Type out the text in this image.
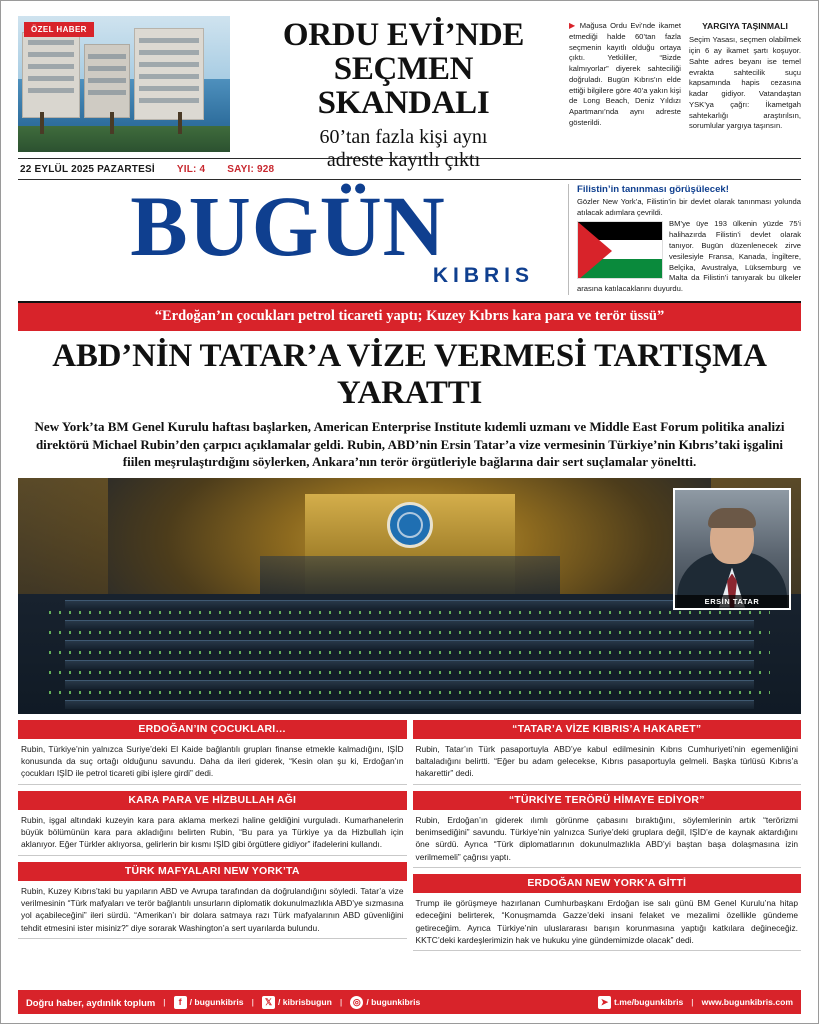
ÖZEL HABER	ORDU EVİ’NDE
SEÇMEN SKANDALI
60’tan fazla kişi aynı
adreste kayıtlı çıktı
▶ Mağusa Ordu Evi’nde ikamet etmediği halde 60’tan fazla seçmenin kayıtlı olduğu ortaya çıktı. Yetkililer, “Bizde kalmıyorlar” diyerek sahteciliği doğruladı. Bugün Kıbrıs’ın elde ettiği bilgilere göre 40’a yakın kişi de Long Beach, Deniz Yıldızı Apartmanı’nda aynı adreste gösterildi.
YARGIYA TAŞINMALI
Seçim Yasası, seçmen olabilmek için 6 ay ikamet şartı koşuyor. Sahte adres beyanı ise temel evrakta sahtecilik suçu kapsamında hapis cezasına kadar gidiyor. Vatandaştan YSK’ya çağrı: İkametgah sahtekarlığı araştırılsın, sorumlular yargıya taşınsın.
22 EYLÜL 2025 PAZARTESİ YIL: 4 SAYI: 928
BUGÜN
KIBRIS
Filistin’in tanınması görüşülecek!
Gözler New York’a, Filistin’in bir devlet olarak tanınması yolunda atılacak adımlara çevrildi.
BM’ye üye 193 ülkenin yüzde 75’i halihazırda Filistin’i devlet olarak tanıyor. Bugün düzenlenecek zirve vesilesiyle Fransa, Kanada, İngiltere, Belçika, Avustralya, Lüksemburg ve Malta da Filistin’i tanıyarak bu ülkeler arasına katılacaklarını duyurdu.
“Erdoğan’ın çocukları petrol ticareti yaptı; Kuzey Kıbrıs kara para ve terör üssü”
ABD’NİN TATAR’A VİZE VERMESİ TARTIŞMA YARATTI
New York’ta BM Genel Kurulu haftası başlarken, American Enterprise Institute kıdemli uzmanı ve Middle East Forum politika analizi direktörü Michael Rubin’den çarpıcı açıklamalar geldi. Rubin, ABD’nin Ersin Tatar’a vize vermesinin Türkiye’nin Kıbrıs’taki işgalini fiilen meşrulaştırdığını söylerken, Ankara’nın terör örgütleriyle bağlarına dair sert suçlamalar yöneltti.
ERSİN TATAR
ERDOĞAN’IN ÇOCUKLARI…
Rubin, Türkiye’nin yalnızca Suriye’deki El Kaide bağlantılı grupları finanse etmekle kalmadığını, IŞİD konusunda da suç ortağı olduğunu savundu. Daha da ileri giderek, “Kesin olan şu ki, Erdoğan’ın çocukları IŞİD ile petrol ticareti gibi işlere girdi” dedi.
KARA PARA VE HİZBULLAH AĞI
Rubin, işgal altındaki kuzeyin kara para aklama merkezi haline geldiğini vurguladı. Kumarhanelerin büyük bölümünün kara para akladığını belirten Rubin, “Bu para ya Türkiye ya da Hizbullah için aklanıyor. Eğer Türkler aklıyorsa, gelirlerin bir kısmı IŞİD gibi örgütlere gidiyor” ifadelerini kullandı.
TÜRK MAFYALARI NEW YORK’TA
Rubin, Kuzey Kıbrıs’taki bu yapıların ABD ve Avrupa tarafından da doğrulandığını söyledi. Tatar’a vize verilmesinin “Türk mafyaları ve terör bağlantılı unsurların diplomatik dokunulmazlıkla ABD’ye sızmasına yol açabileceğini” ileri sürdü. “Amerikan’ı bir dolara satmaya razı Türk mafyalarının ABD güvenliğini tehdit etmesini ister misiniz?” diye sorarak Washington’a sert uyarılarda bulundu.
“TATAR’A VİZE KIBRIS’A HAKARET”
Rubin, Tatar’ın Türk pasaportuyla ABD’ye kabul edilmesinin Kıbrıs Cumhuriyeti’nin egemenliğini baltaladığını belirtti. “Eğer bu adam gelecekse, Kıbrıs pasaportuyla gelmeli. Başka türlüsü Kıbrıs’a hakarettir” dedi.
“TÜRKİYE TERÖRÜ HİMAYE EDİYOR”
Rubin, Erdoğan’ın giderek ılımlı görünme çabasını bıraktığını, söylemlerinin artık “terörizmi benimsediğini” savundu. Türkiye’nin yalnızca Suriye’deki gruplara değil, IŞİD’e de kaynak aktardığını öne sürdü. Ayrıca “Türk diplomatlarının dokunulmazlıkla ABD’yi baştan başa dolaşmasına izin verilmemeli” çağrısı yaptı.
ERDOĞAN NEW YORK’A GİTTİ
Trump ile görüşmeye hazırlanan Cumhurbaşkanı Erdoğan ise salı günü BM Genel Kurulu’na hitap edeceğini belirterek, “Konuşmamda Gazze’deki insani felaket ve mezalimi özellikle gündeme getireceğim. Ayrıca Türkiye’nin uluslararası barışın korunmasına yaptığı katkılara değineceğiz. KKTC’deki kardeşlerimizin hak ve hukuku yine gündemimizde olacak” dedi.
Doğru haber, aydınlık toplum |	f / bugunkibris |	𝕏 / kibrisbugun | ◎ / bugunkibris	➤ t.me/bugunkibris | www.bugunkibris.com
